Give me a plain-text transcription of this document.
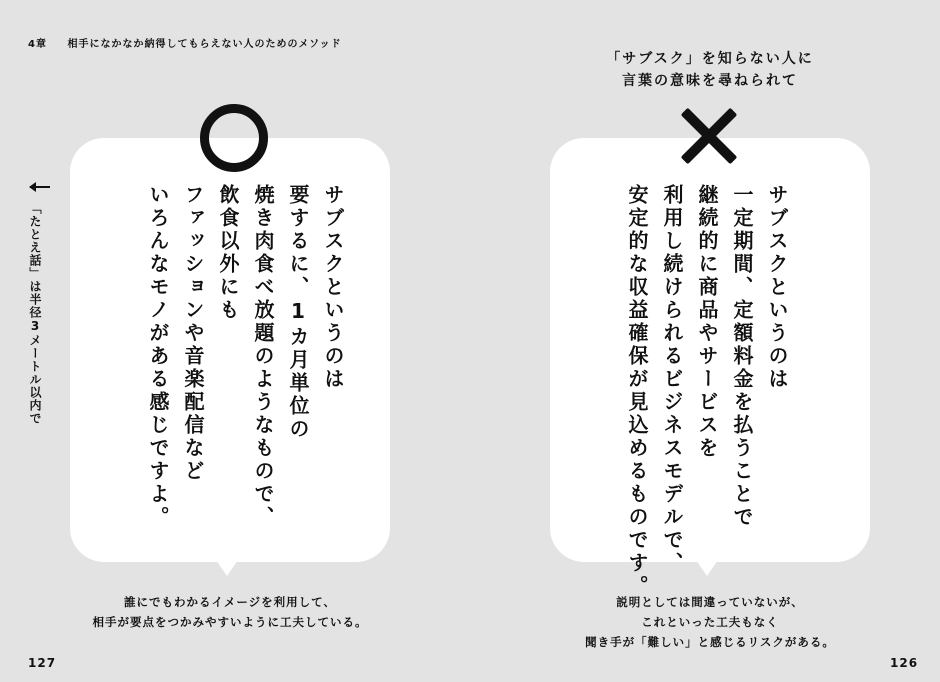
4章 相手になかなか納得してもらえない人のためのメソッド
「たとえ話」は半径3メートル以内で	サブスクというのは
要するに、1カ月単位の
焼き肉食べ放題のようなもので、
飲食以外にも
ファッションや音楽配信など
いろんなモノがある感じですよ。
「サブスク」を知らない人に
言葉の意味を尋ねられて
サブスクというのは
一定期間、定額料金を払うことで
継続的に商品やサービスを
利用し続けられるビジネスモデルで、
安定的な収益確保が見込めるものです。
誰にでもわかるイメージを利用して、
相手が要点をつかみやすいように工夫している。
説明としては間違っていないが、
これといった工夫もなく
聞き手が「難しい」と感じるリスクがある。
127	126
